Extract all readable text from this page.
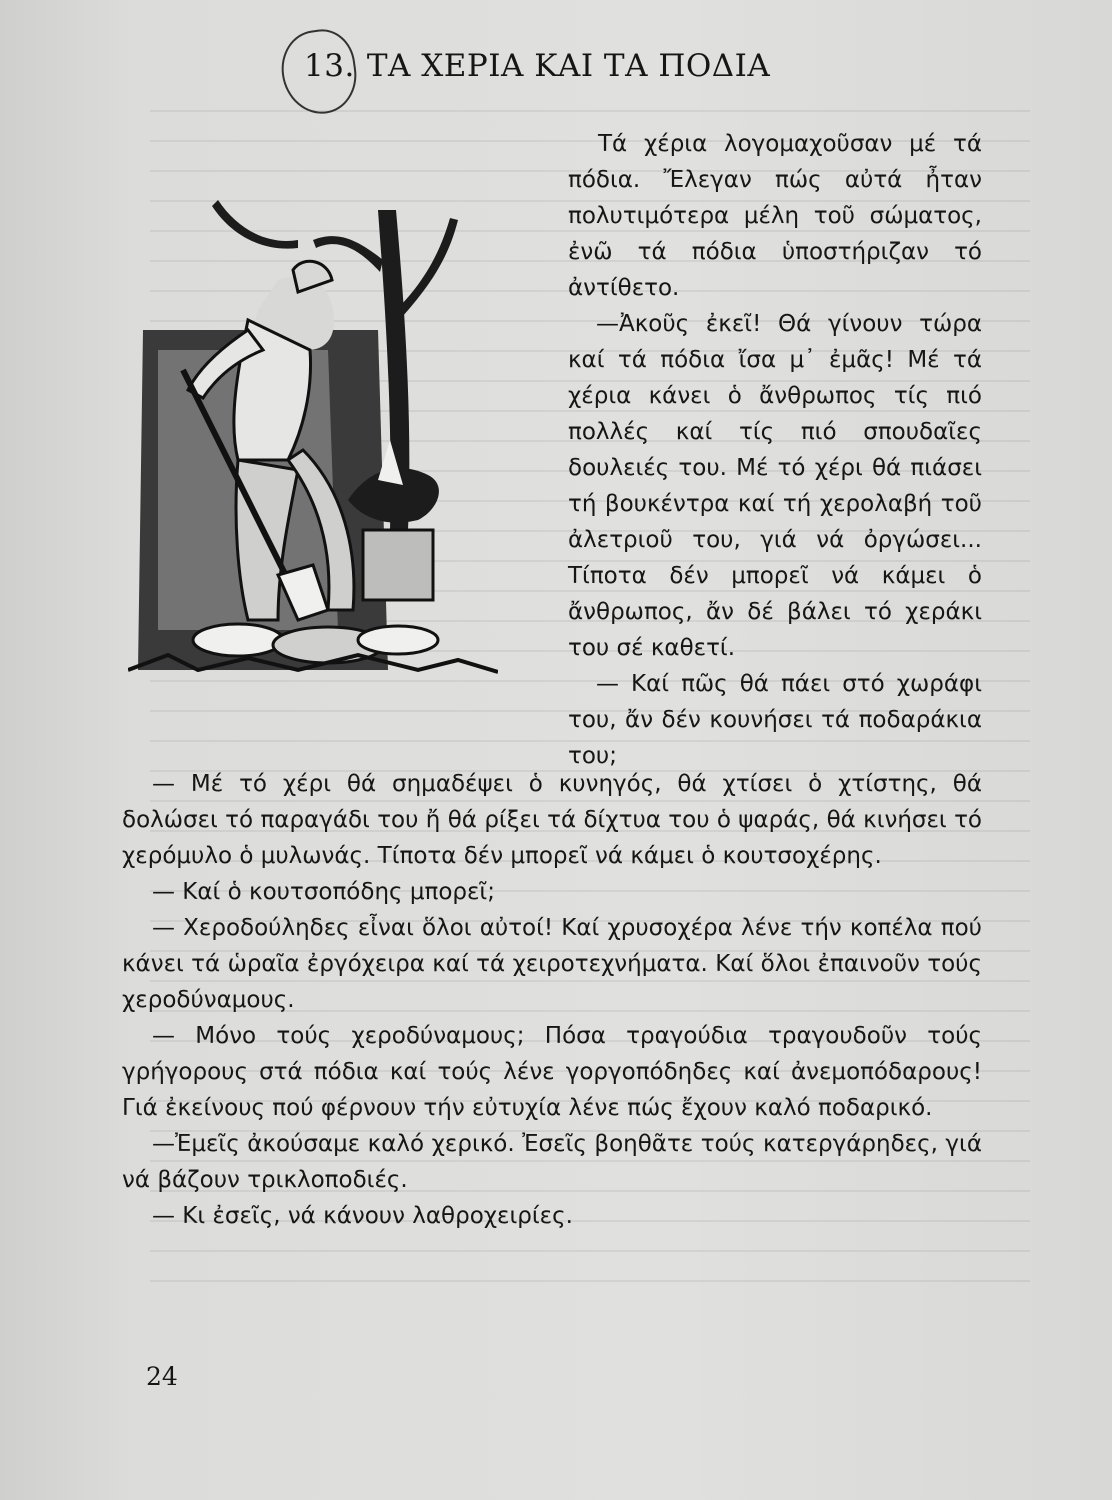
13. ΤΑ ΧΕΡΙΑ ΚΑΙ ΤΑ ΠΟΔΙΑ

Τά χέρια λογομαχοῦσαν μέ τά πόδια. Ἔλεγαν πώς αὐτά ἦταν πολυτιμότερα μέλη τοῦ σώματος, ἐνῶ τά πόδια ὑποστήριζαν τό ἀντίθετο.

—Ἀκοῦς ἐκεῖ! Θά γίνουν τώρα καί τά πόδια ἴσα μ᾽ ἐμᾶς! Μέ τά χέρια κάνει ὁ ἄνθρωπος τίς πιό πολλές καί τίς πιό σπουδαῖες δουλειές του. Μέ τό χέρι θά πιάσει τή βουκέντρα καί τή χερολαβή τοῦ ἀλετριοῦ του, γιά νά ὀργώσει... Τίποτα δέν μπορεῖ νά κάμει ὁ ἄνθρωπος, ἄν δέ βάλει τό χεράκι του σέ καθετί.

— Καί πῶς θά πάει στό χωράφι του, ἄν δέν κουνήσει τά ποδαράκια του;

— Μέ τό χέρι θά σημαδέψει ὁ κυνηγός, θά χτίσει ὁ χτίστης, θά δολώσει τό παραγάδι του ἤ θά ρίξει τά δίχτυα του ὁ ψαράς, θά κινήσει τό χερόμυλο ὁ μυλωνάς. Τίποτα δέν μπορεῖ νά κάμει ὁ κουτσοχέρης.

— Καί ὁ κουτσοπόδης μπορεῖ;

— Χεροδούληδες εἶναι ὅλοι αὐτοί! Καί χρυσοχέρα λένε τήν κοπέλα πού κάνει τά ὡραῖα ἐργόχειρα καί τά χειροτεχνήματα. Καί ὅλοι ἐπαινοῦν τούς χεροδύναμους.

— Μόνο τούς χεροδύναμους; Πόσα τραγούδια τραγουδοῦν τούς γρήγορους στά πόδια καί τούς λένε γοργοπόδηδες καί ἀνεμοπόδαρους! Γιά ἐκείνους πού φέρνουν τήν εὐτυχία λένε πώς ἔχουν καλό ποδαρικό.

—Ἐμεῖς ἀκούσαμε καλό χερικό. Ἐσεῖς βοηθᾶτε τούς κατεργάρηδες, γιά νά βάζουν τρικλοποδιές.

— Κι ἐσεῖς, νά κάνουν λαθροχειρίες.

24
